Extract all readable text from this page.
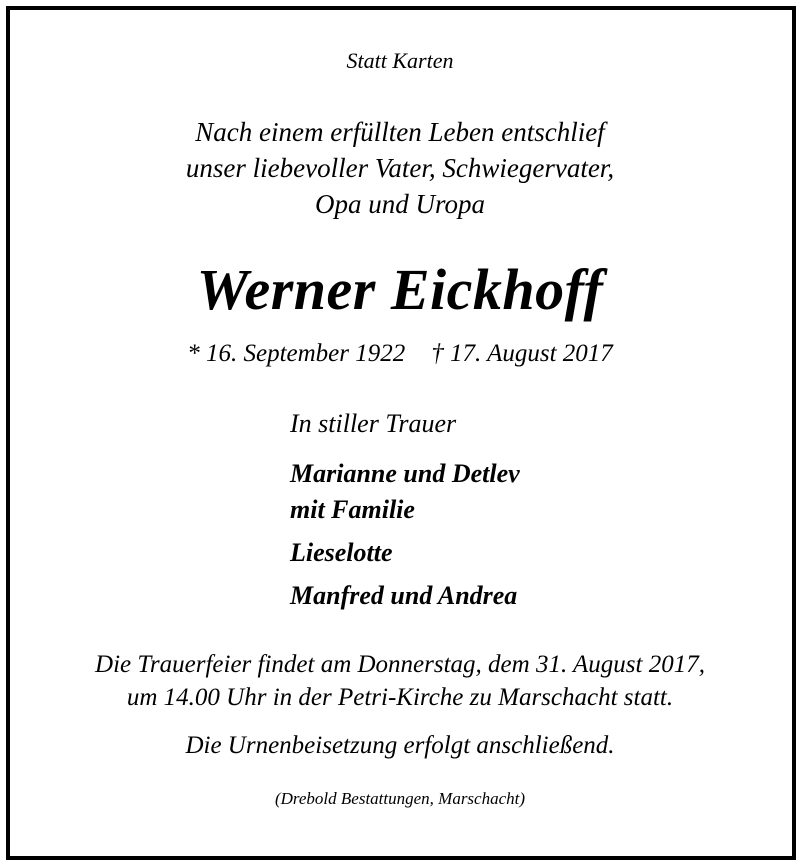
Statt Karten
Nach einem erfüllten Leben entschlief
unser liebevoller Vater, Schwiegervater,
Opa und Uropa
Werner Eickhoff
* 16. September 1922 † 17. August 2017
In stiller Trauer
Marianne und Detlev
mit Familie
Lieselotte
Manfred und Andrea
Die Trauerfeier findet am Donnerstag, dem 31. August 2017,
um 14.00 Uhr in der Petri-Kirche zu Marschacht statt.
Die Urnenbeisetzung erfolgt anschließend.
(Drebold Bestattungen, Marschacht)
